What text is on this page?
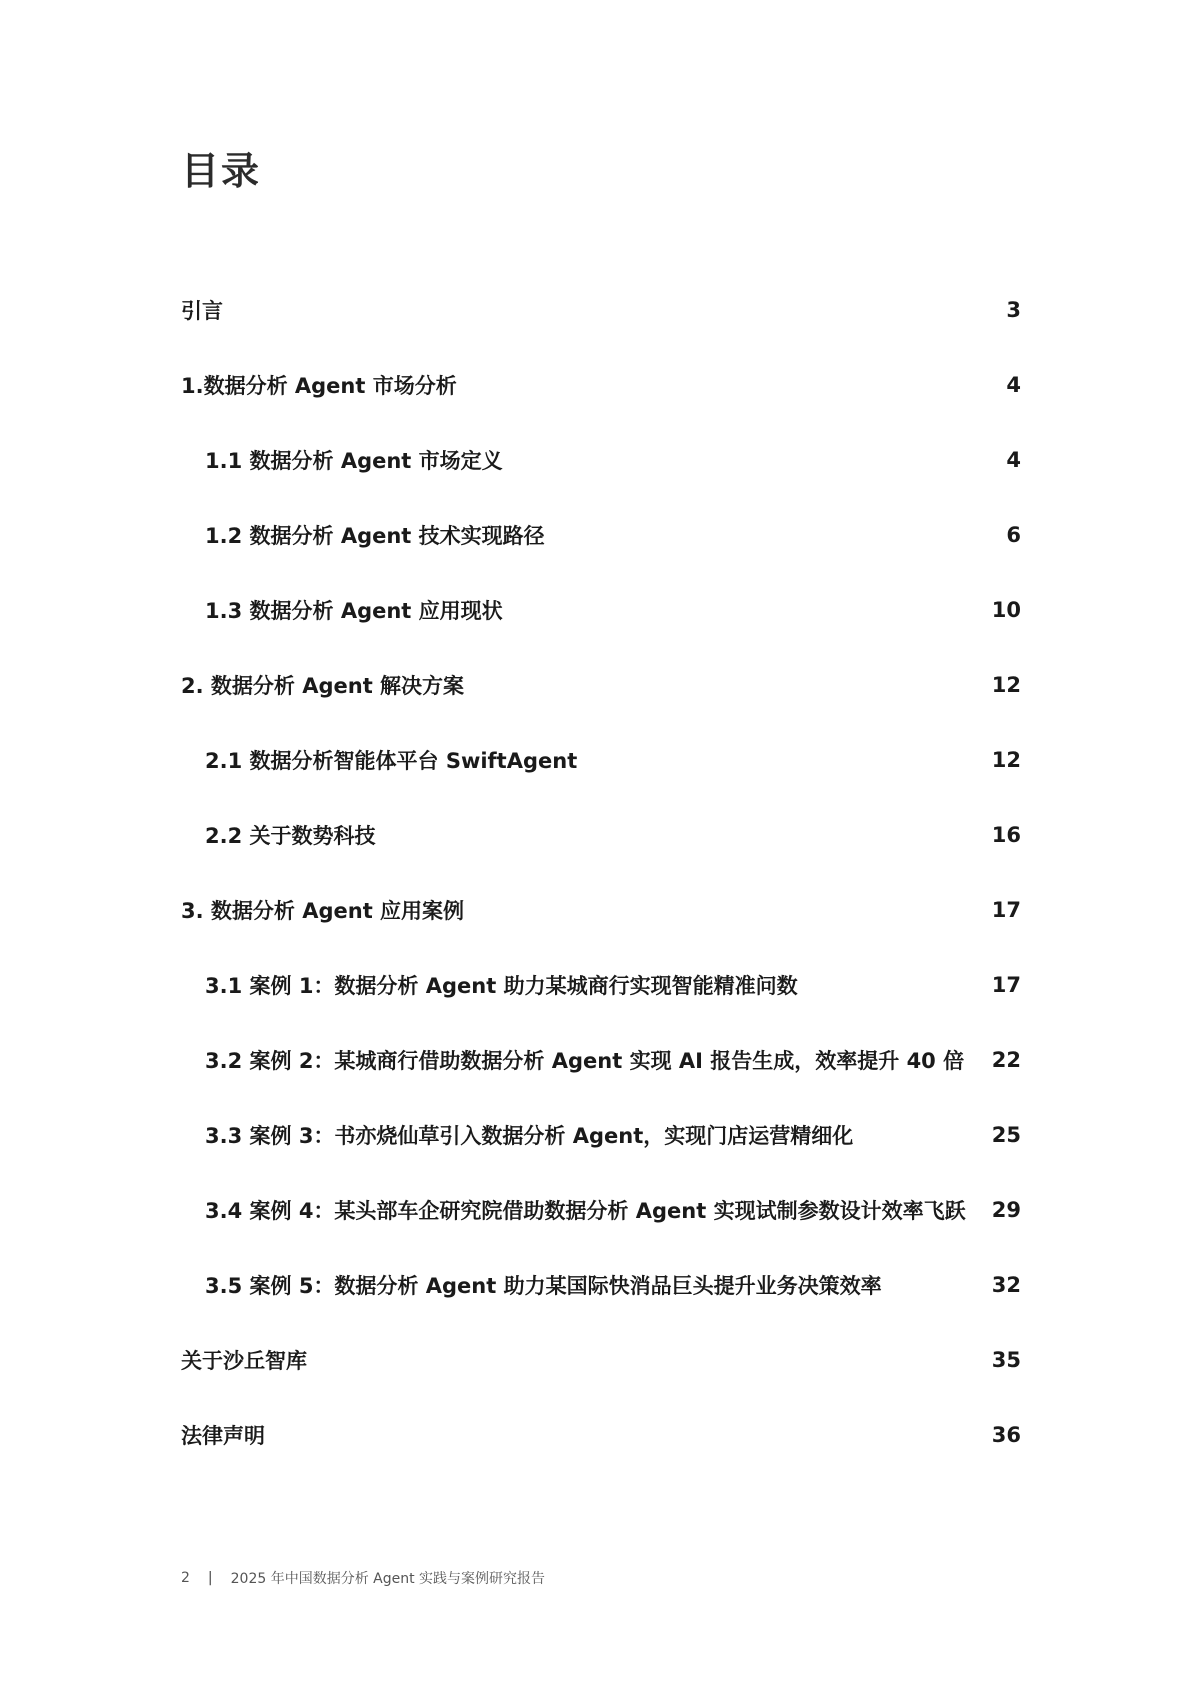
目录
引言	3
1.数据分析 Agent 市场分析	4
1.1 数据分析 Agent 市场定义	4
1.2 数据分析 Agent 技术实现路径	6
1.3 数据分析 Agent 应用现状	10
2. 数据分析 Agent 解决方案	12
2.1 数据分析智能体平台 SwiftAgent	12
2.2 关于数势科技	16
3. 数据分析 Agent 应用案例	17
3.1 案例 1：数据分析 Agent 助力某城商行实现智能精准问数	17
3.2 案例 2：某城商行借助数据分析 Agent 实现 AI 报告生成，效率提升 40 倍 22
3.3 案例 3：书亦烧仙草引入数据分析 Agent，实现门店运营精细化	25
3.4 案例 4：某头部车企研究院借助数据分析 Agent 实现试制参数设计效率飞跃 29
3.5 案例 5：数据分析 Agent 助力某国际快消品巨头提升业务决策效率	32
关于沙丘智库	35
法律声明	36
2 | 2025 年中国数据分析 Agent 实践与案例研究报告
